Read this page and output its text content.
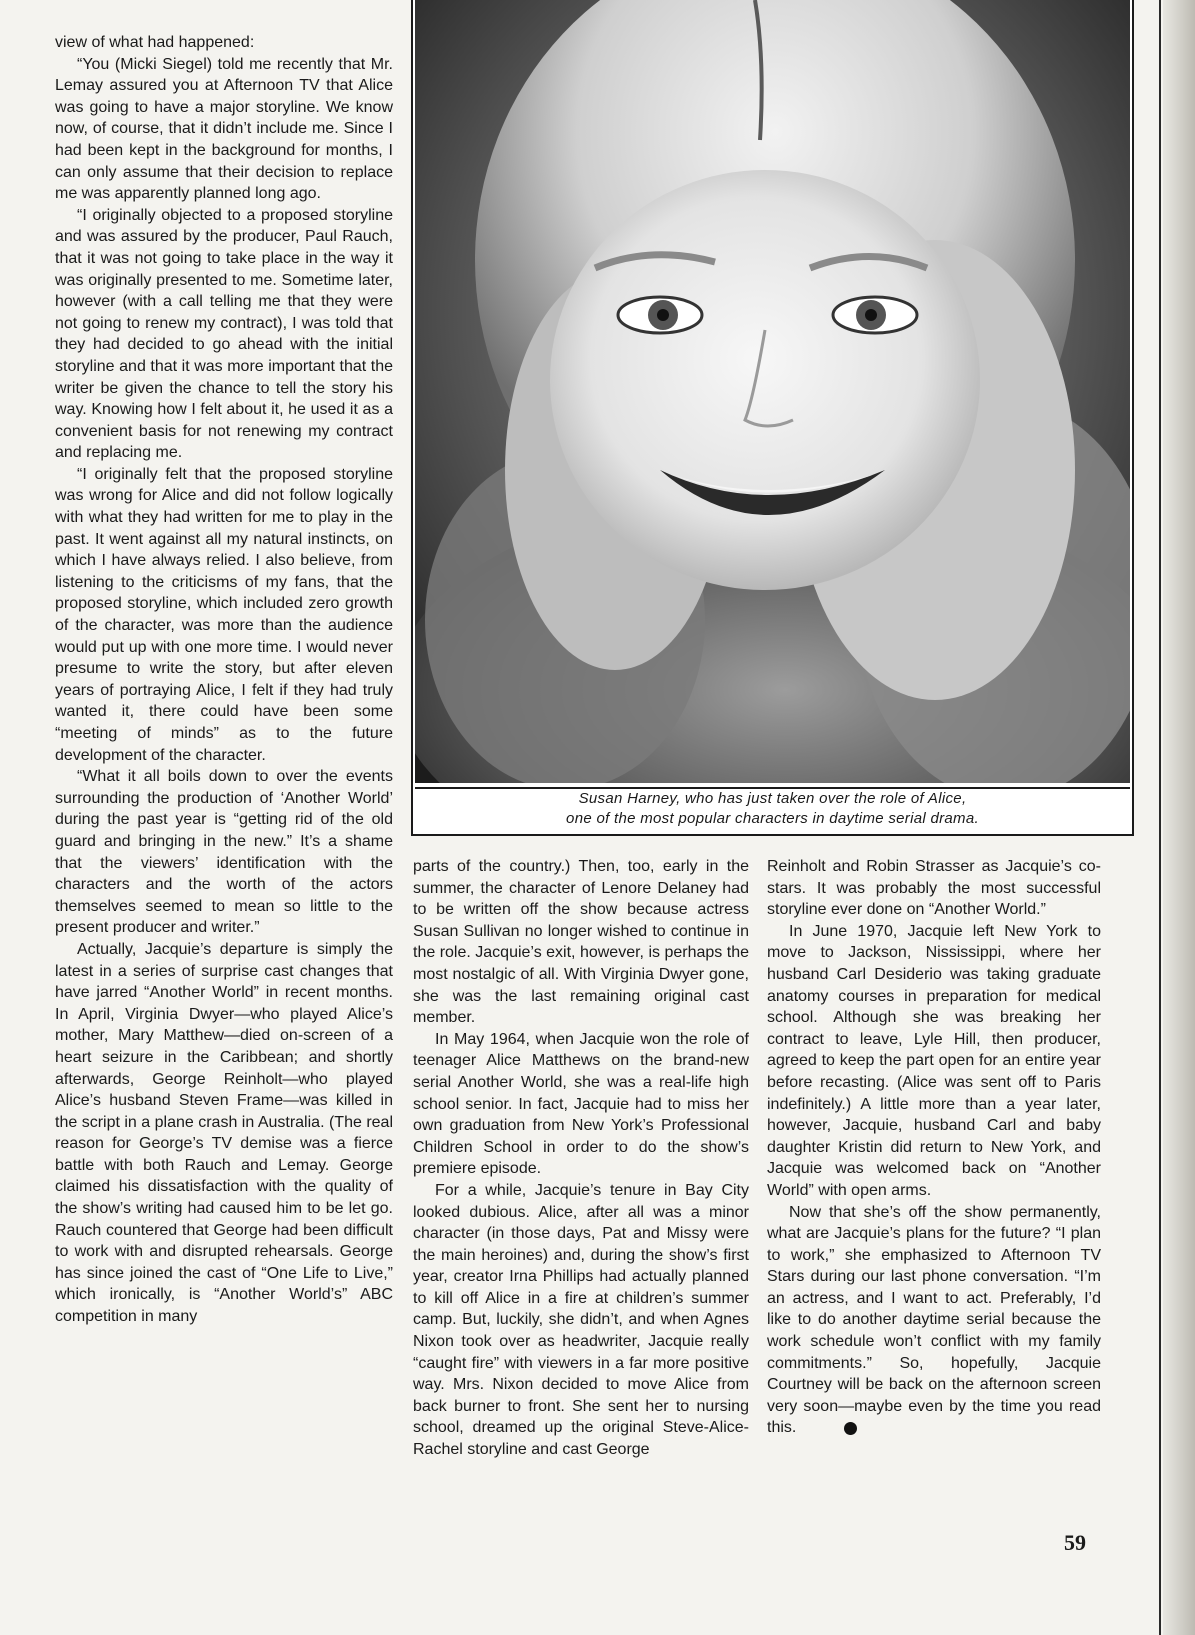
view of what had happened:

“You (Micki Siegel) told me recently that Mr. Lemay assured you at Afternoon TV that Alice was going to have a major storyline. We know now, of course, that it didn’t include me. Since I had been kept in the background for months, I can only assume that their decision to replace me was apparently planned long ago.

“I originally objected to a proposed storyline and was assured by the producer, Paul Rauch, that it was not going to take place in the way it was originally presented to me. Sometime later, however (with a call telling me that they were not going to renew my contract), I was told that they had decided to go ahead with the initial storyline and that it was more important that the writer be given the chance to tell the story his way. Knowing how I felt about it, he used it as a convenient basis for not renewing my contract and replacing me.

“I originally felt that the proposed storyline was wrong for Alice and did not follow logically with what they had written for me to play in the past. It went against all my natural instincts, on which I have always relied. I also believe, from listening to the criticisms of my fans, that the proposed storyline, which included zero growth of the character, was more than the audience would put up with one more time. I would never presume to write the story, but after eleven years of portraying Alice, I felt if they had truly wanted it, there could have been some “meeting of minds” as to the future development of the character.

“What it all boils down to over the events surrounding the production of ‘Another World’ during the past year is “getting rid of the old guard and bringing in the new.” It’s a shame that the viewers’ identification with the characters and the worth of the actors themselves seemed to mean so little to the present producer and writer.”

Actually, Jacquie’s departure is simply the latest in a series of surprise cast changes that have jarred “Another World” in recent months. In April, Virginia Dwyer—who played Alice’s mother, Mary Matthew—died on-screen of a heart seizure in the Caribbean; and shortly afterwards, George Reinholt—who played Alice’s husband Steven Frame—was killed in the script in a plane crash in Australia. (The real reason for George’s TV demise was a fierce battle with both Rauch and Lemay. George claimed his dissatisfaction with the quality of the show’s writing had caused him to be let go. Rauch countered that George had been difficult to work with and disrupted rehearsals. George has since joined the cast of “One Life to Live,” which ironically, is “Another World’s” ABC competition in many

Susan Harney, who has just taken over the role of Alice,
one of the most popular characters in daytime serial drama.

parts of the country.) Then, too, early in the summer, the character of Lenore Delaney had to be written off the show because actress Susan Sullivan no longer wished to continue in the role. Jacquie’s exit, however, is perhaps the most nostalgic of all. With Virginia Dwyer gone, she was the last remaining original cast member.

In May 1964, when Jacquie won the role of teenager Alice Matthews on the brand-new serial Another World, she was a real-life high school senior. In fact, Jacquie had to miss her own graduation from New York’s Professional Children School in order to do the show’s premiere episode.

For a while, Jacquie’s tenure in Bay City looked dubious. Alice, after all was a minor character (in those days, Pat and Missy were the main heroines) and, during the show’s first year, creator Irna Phillips had actually planned to kill off Alice in a fire at children’s summer camp. But, luckily, she didn’t, and when Agnes Nixon took over as headwriter, Jacquie really “caught fire” with viewers in a far more positive way. Mrs. Nixon decided to move Alice from back burner to front. She sent her to nursing school, dreamed up the original Steve-Alice-Rachel storyline and cast George

Reinholt and Robin Strasser as Jacquie’s co-stars. It was probably the most successful storyline ever done on “Another World.”

In June 1970, Jacquie left New York to move to Jackson, Nississippi, where her husband Carl Desiderio was taking graduate anatomy courses in preparation for medical school. Although she was breaking her contract to leave, Lyle Hill, then producer, agreed to keep the part open for an entire year before recasting. (Alice was sent off to Paris indefinitely.) A little more than a year later, however, Jacquie, husband Carl and baby daughter Kristin did return to New York, and Jacquie was welcomed back on “Another World” with open arms.

Now that she’s off the show permanently, what are Jacquie’s plans for the future? “I plan to work,” she emphasized to Afternoon TV Stars during our last phone conversation. “I’m an actress, and I want to act. Preferably, I’d like to do another daytime serial because the work schedule won’t conflict with my family commitments.” So, hopefully, Jacquie Courtney will be back on the afternoon screen very soon—maybe even by the time you read this.

59
